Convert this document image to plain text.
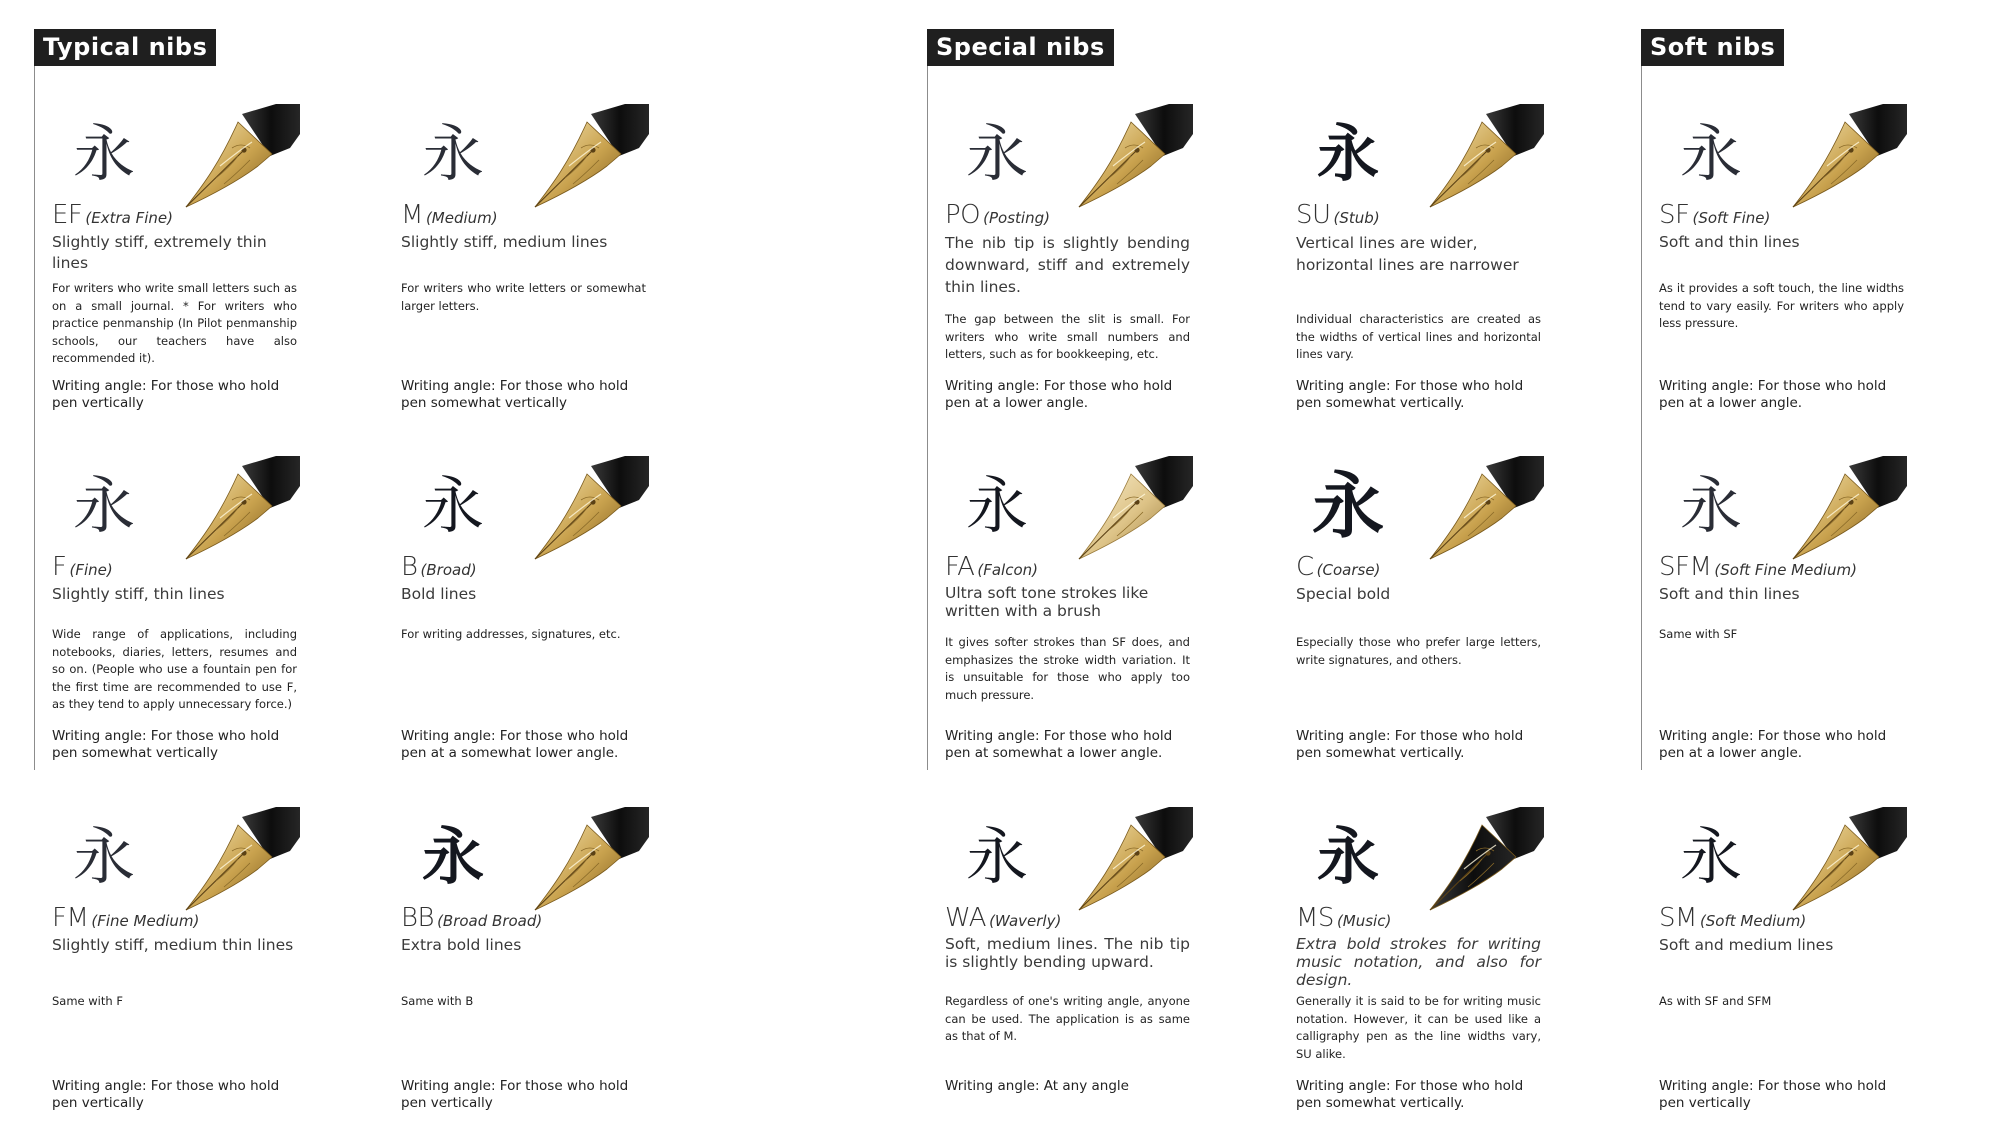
Typical nibs	Special nibs	Soft nibs
永
EF (Extra Fine)
Slightly stiff, extremely thin lines
For writers who write small letters such as on a small journal. * For writers who practice penmanship (In Pilot penmanship schools, our teachers have also recommended it).
Writing angle: For those who hold pen vertically
永
M (Medium)
Slightly stiff, medium lines
For writers who write letters or somewhat larger letters.
Writing angle: For those who hold pen somewhat vertically
永
F (Fine)
Slightly stiff, thin lines
Wide range of applications, including notebooks, diaries, letters, resumes and so on. (People who use a fountain pen for the first time are recommended to use F, as they tend to apply unnecessary force.)
Writing angle: For those who hold pen somewhat vertically
永
B (Broad)
Bold lines
For writing addresses, signatures, etc.
Writing angle: For those who hold pen at a somewhat lower angle.
永
FM (Fine Medium)
Slightly stiff, medium thin lines
Same with F
Writing angle: For those who hold pen vertically
永
BB (Broad Broad)
Extra bold lines
Same with B
Writing angle: For those who hold pen vertically
永
PO (Posting)
The nib tip is slightly bending downward, stiff and extremely thin lines.
The gap between the slit is small. For writers who write small numbers and letters, such as for bookkeeping, etc.
Writing angle: For those who hold pen at a lower angle.
永
SU (Stub)
Vertical lines are wider, horizontal lines are narrower
Individual characteristics are created as the widths of vertical lines and horizontal lines vary.
Writing angle: For those who hold pen somewhat vertically.
永
FA (Falcon)
Ultra soft tone strokes like written with a brush
It gives softer strokes than SF does, and emphasizes the stroke width variation. It is unsuitable for those who apply too much pressure.
Writing angle: For those who hold pen at somewhat a lower angle.
永
C (Coarse)
Special bold
Especially those who prefer large letters, write signatures, and others.
Writing angle: For those who hold pen somewhat vertically.
永
WA (Waverly)
Soft, medium lines. The nib tip is slightly bending upward.
Regardless of one's writing angle, anyone can be used. The application is as same as that of M.
Writing angle: At any angle
永
MS (Music)
Extra bold strokes for writing music notation, and also for design.
Generally it is said to be for writing music notation. However, it can be used like a calligraphy pen as the line widths vary, SU alike.
Writing angle: For those who hold pen somewhat vertically.
永
SF (Soft Fine)
Soft and thin lines
As it provides a soft touch, the line widths tend to vary easily. For writers who apply less pressure.
Writing angle: For those who hold pen at a lower angle.
永
SFM (Soft Fine Medium)
Soft and thin lines
Same with SF
Writing angle: For those who hold pen at a lower angle.
永
SM (Soft Medium)
Soft and medium lines
As with SF and SFM
Writing angle: For those who hold pen vertically
